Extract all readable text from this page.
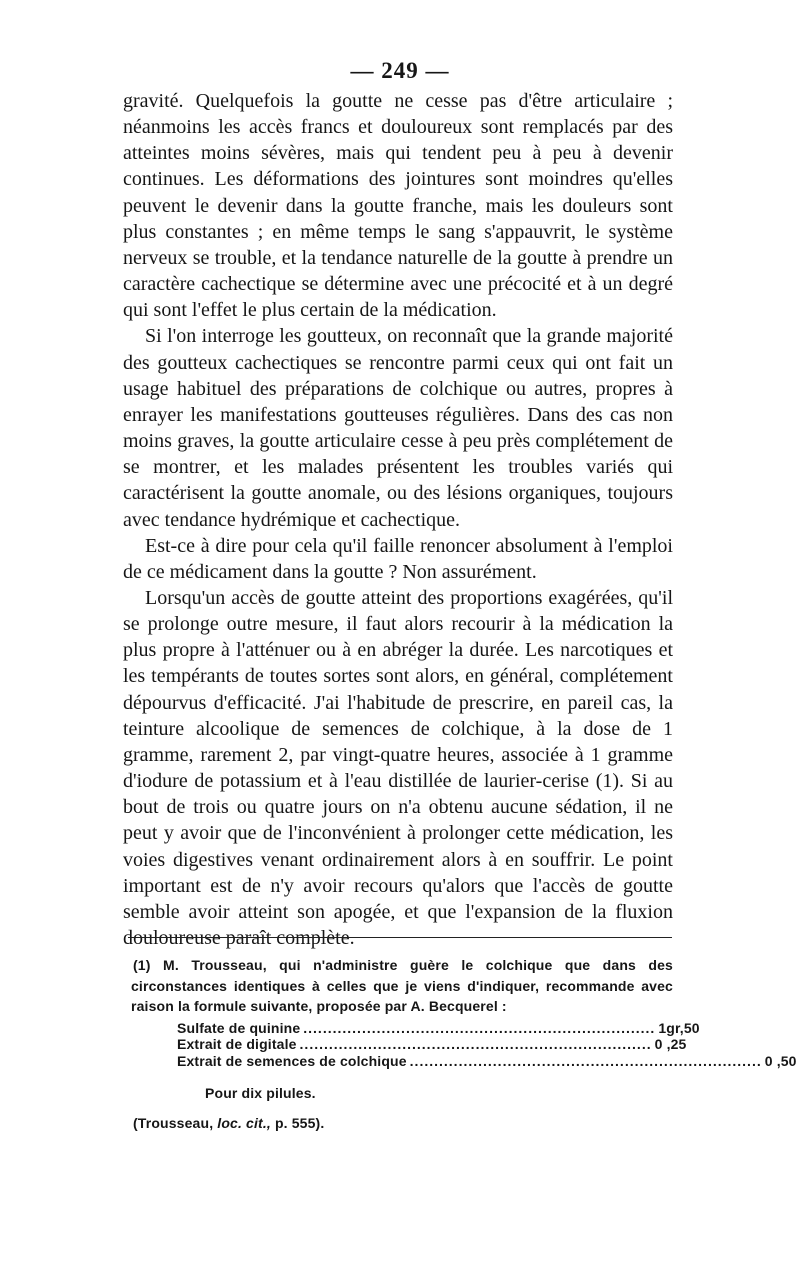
— 249 —

gravité. Quelquefois la goutte ne cesse pas d'être articulaire ; néanmoins les accès francs et douloureux sont remplacés par des atteintes moins sévères, mais qui tendent peu à peu à devenir continues. Les déformations des jointures sont moindres qu'elles peuvent le devenir dans la goutte franche, mais les douleurs sont plus constantes ; en même temps le sang s'appauvrit, le système nerveux se trouble, et la tendance naturelle de la goutte à prendre un caractère cachectique se détermine avec une précocité et à un degré qui sont l'effet le plus certain de la médication.

Si l'on interroge les goutteux, on reconnaît que la grande majorité des goutteux cachectiques se rencontre parmi ceux qui ont fait un usage habituel des préparations de colchique ou autres, propres à enrayer les manifestations goutteuses régulières. Dans des cas non moins graves, la goutte articulaire cesse à peu près complétement de se montrer, et les malades présentent les troubles variés qui caractérisent la goutte anomale, ou des lésions organiques, toujours avec tendance hydrémique et cachectique.

Est-ce à dire pour cela qu'il faille renoncer absolument à l'emploi de ce médicament dans la goutte ? Non assurément.

Lorsqu'un accès de goutte atteint des proportions exagérées, qu'il se prolonge outre mesure, il faut alors recourir à la médication la plus propre à l'atténuer ou à en abréger la durée. Les narcotiques et les tempérants de toutes sortes sont alors, en général, complétement dépourvus d'efficacité. J'ai l'habitude de prescrire, en pareil cas, la teinture alcoolique de semences de colchique, à la dose de 1 gramme, rarement 2, par vingt-quatre heures, associée à 1 gramme d'iodure de potassium et à l'eau distillée de laurier-cerise (1). Si au bout de trois ou quatre jours on n'a obtenu aucune sédation, il ne peut y avoir que de l'inconvénient à prolonger cette médication, les voies digestives venant ordinairement alors à en souffrir. Le point important est de n'y avoir recours qu'alors que l'accès de goutte semble avoir atteint son apogée, et que l'expansion de la fluxion douloureuse paraît complète.

(1) M. Trousseau, qui n'administre guère le colchique que dans des circonstances identiques à celles que je viens d'indiquer, recommande avec raison la formule suivante, proposée par A. Becquerel :

Sulfate de quinine ........................................................................ 1gr,50
Extrait de digitale ........................................................................ 0 ,25
Extrait de semences de colchique ........................................................................ 0 ,50
Pour dix pilules.
(Trousseau, loc. cit., p. 555).
